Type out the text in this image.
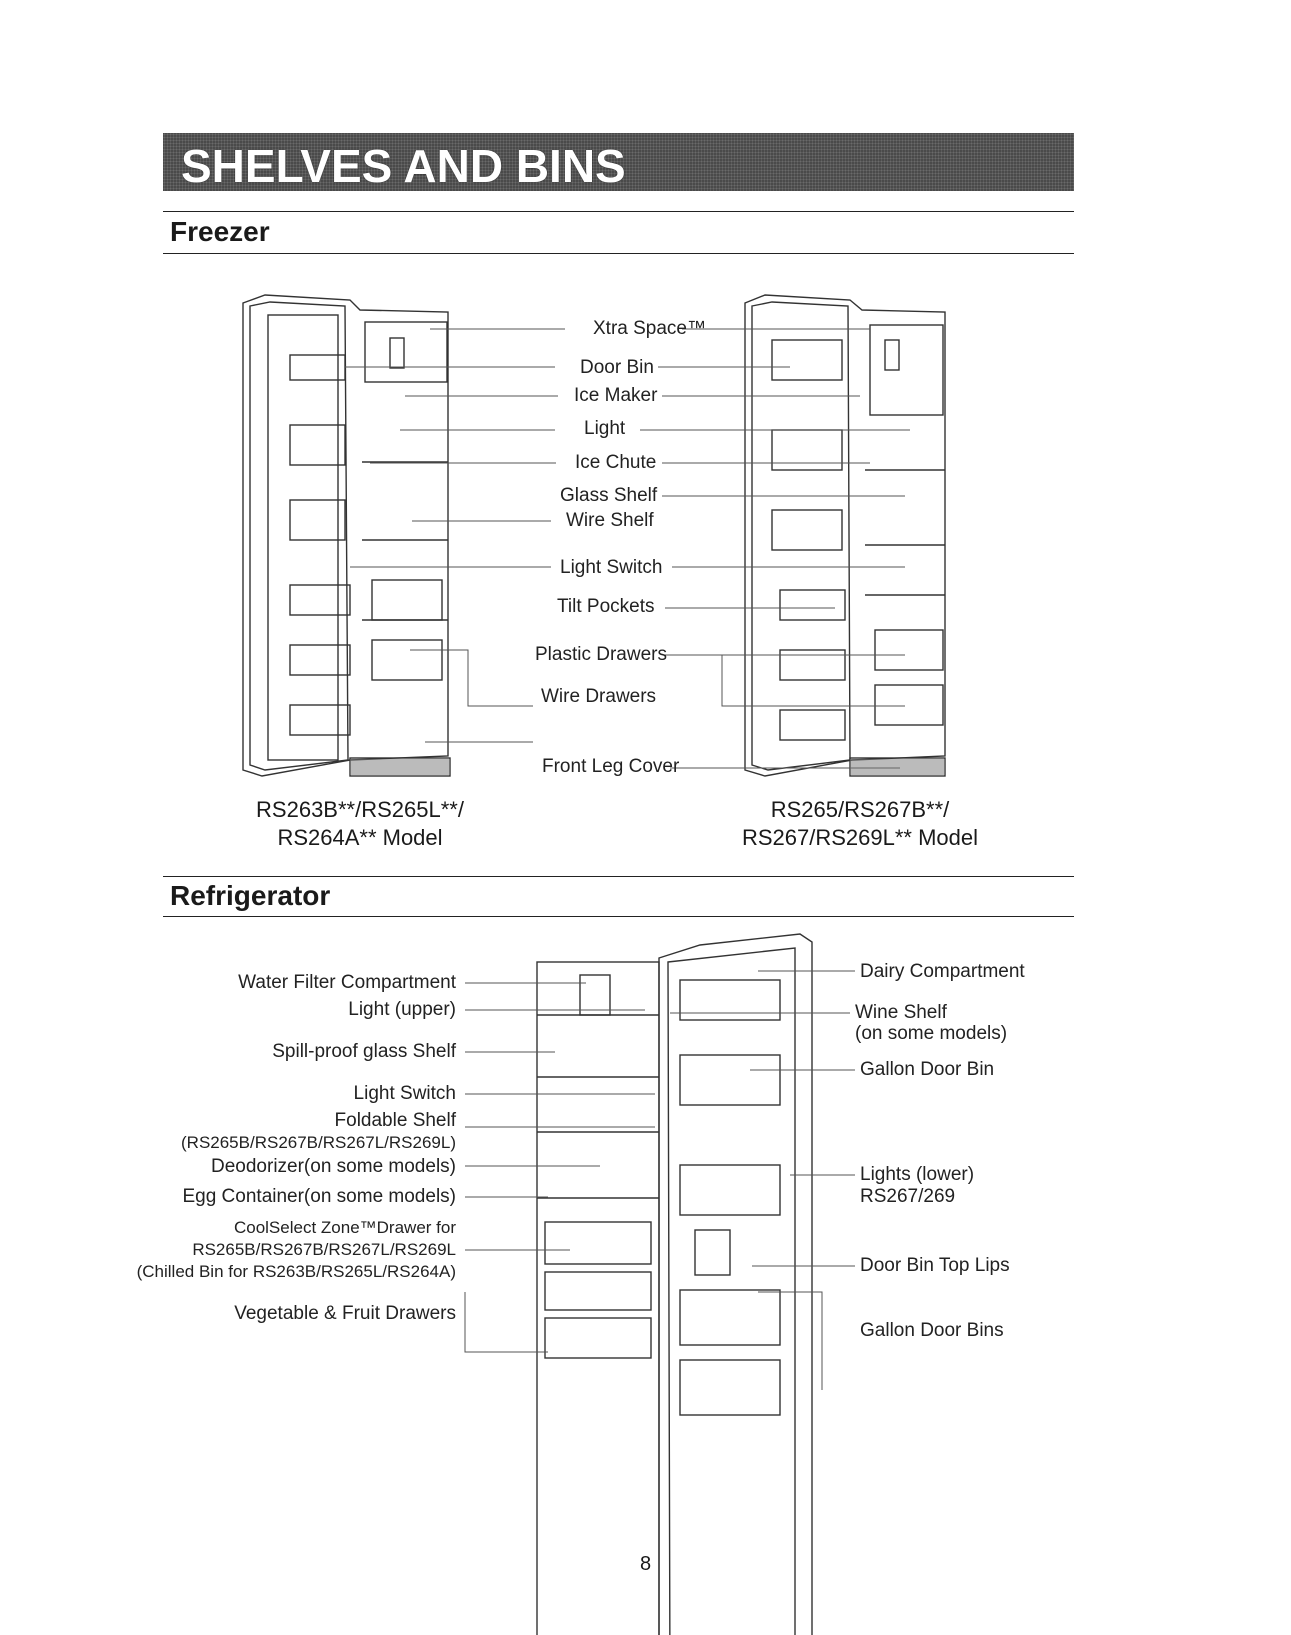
SHELVES AND BINS
Freezer
Xtra Space™
Door Bin
Ice Maker
Light
Ice Chute
Glass Shelf
Wire Shelf
Light Switch
Tilt Pockets
Plastic Drawers
Wire Drawers
Front Leg Cover
RS263B**/RS265L**/
RS264A** Model
RS265/RS267B**/
RS267/RS269L** Model
Refrigerator
Water Filter Compartment
Light (upper)
Spill-proof glass Shelf
Light Switch
Foldable Shelf
(RS265B/RS267B/RS267L/RS269L)
Deodorizer(on some models)
Egg Container(on some models)
CoolSelect Zone™Drawer for
RS265B/RS267B/RS267L/RS269L
(Chilled Bin for RS263B/RS265L/RS264A)
Vegetable & Fruit Drawers
Dairy Compartment
Wine Shelf
(on some models)
Gallon Door Bin
Lights (lower)
RS267/269
Door Bin Top Lips
Gallon Door Bins
8
